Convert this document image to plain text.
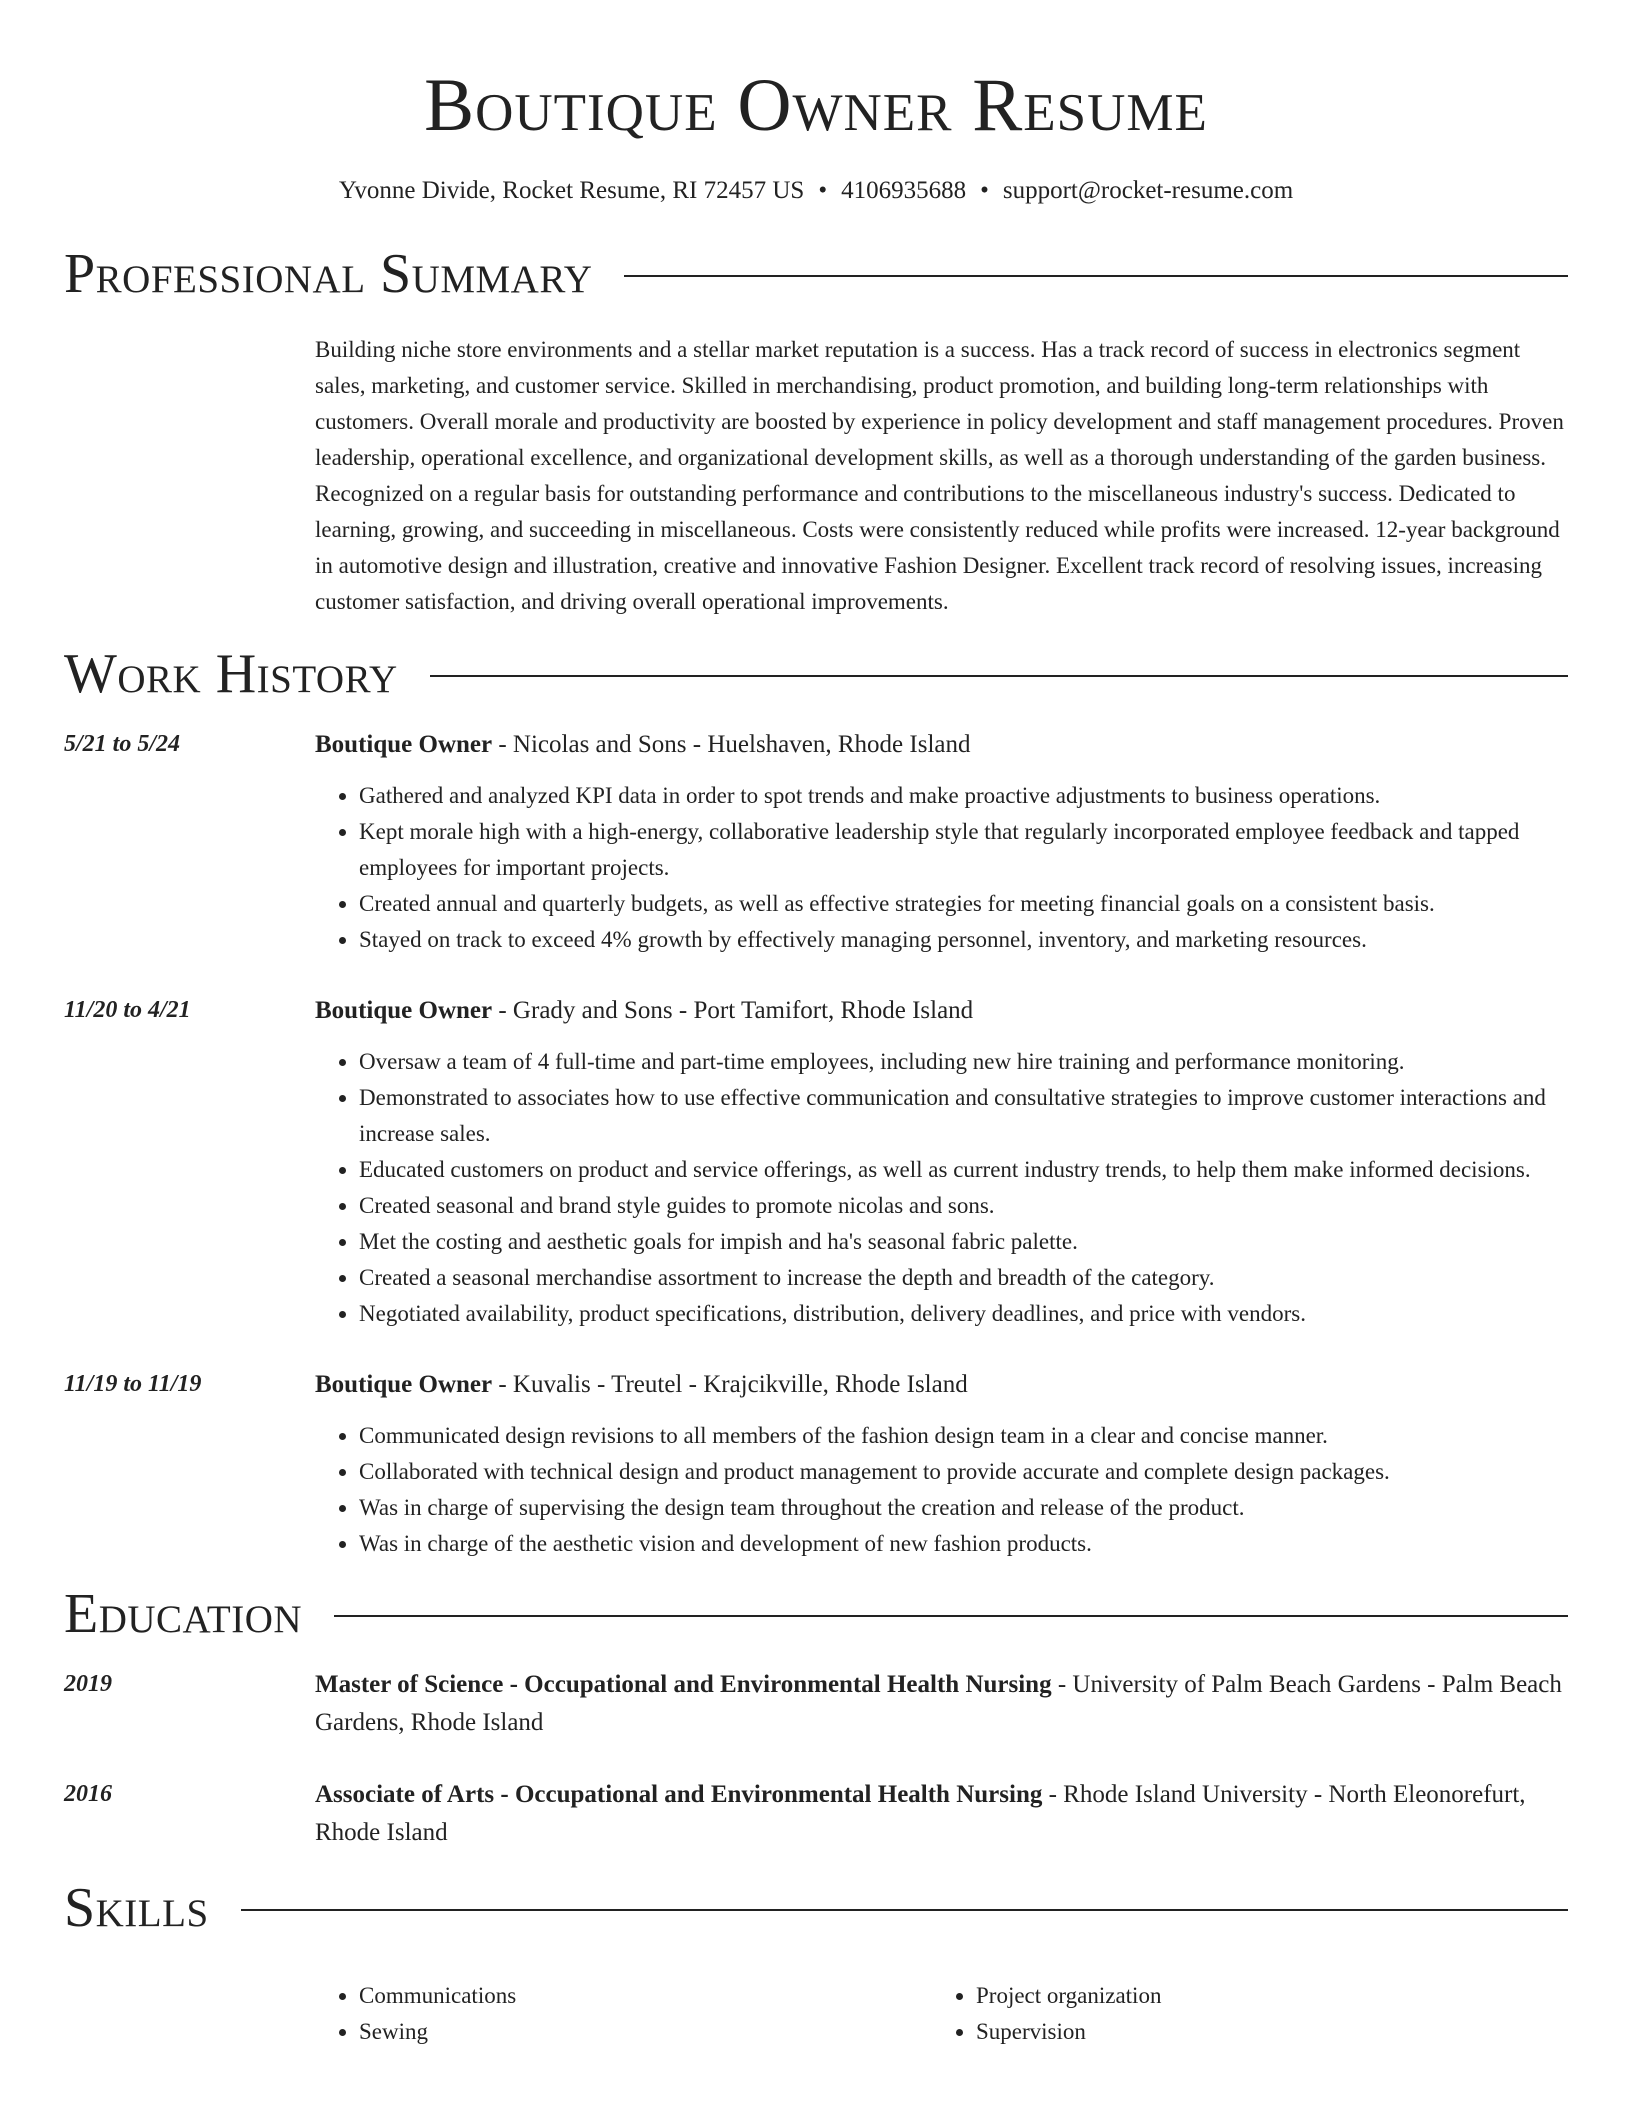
Boutique Owner Resume
Yvonne Divide, Rocket Resume, RI 72457 US • 4106935688 • support@rocket-resume.com
Professional Summary
Building niche store environments and a stellar market reputation is a success. Has a track record of success in electronics segment sales, marketing, and customer service. Skilled in merchandising, product promotion, and building long-term relationships with customers. Overall morale and productivity are boosted by experience in policy development and staff management procedures. Proven leadership, operational excellence, and organizational development skills, as well as a thorough understanding of the garden business. Recognized on a regular basis for outstanding performance and contributions to the miscellaneous industry's success. Dedicated to learning, growing, and succeeding in miscellaneous. Costs were consistently reduced while profits were increased. 12-year background in automotive design and illustration, creative and innovative Fashion Designer. Excellent track record of resolving issues, increasing customer satisfaction, and driving overall operational improvements.
Work History
5/21 to 5/24	Boutique Owner - Nicolas and Sons - Huelshaven, Rhode Island
• Gathered and analyzed KPI data in order to spot trends and make proactive adjustments to business operations.
• Kept morale high with a high-energy, collaborative leadership style that regularly incorporated employee feedback and tapped employees for important projects.
• Created annual and quarterly budgets, as well as effective strategies for meeting financial goals on a consistent basis.
• Stayed on track to exceed 4% growth by effectively managing personnel, inventory, and marketing resources.
11/20 to 4/21	Boutique Owner - Grady and Sons - Port Tamifort, Rhode Island
• Oversaw a team of 4 full-time and part-time employees, including new hire training and performance monitoring.
• Demonstrated to associates how to use effective communication and consultative strategies to improve customer interactions and increase sales.
• Educated customers on product and service offerings, as well as current industry trends, to help them make informed decisions.
• Created seasonal and brand style guides to promote nicolas and sons.
• Met the costing and aesthetic goals for impish and ha's seasonal fabric palette.
• Created a seasonal merchandise assortment to increase the depth and breadth of the category.
• Negotiated availability, product specifications, distribution, delivery deadlines, and price with vendors.
11/19 to 11/19	Boutique Owner - Kuvalis - Treutel - Krajcikville, Rhode Island
• Communicated design revisions to all members of the fashion design team in a clear and concise manner.
• Collaborated with technical design and product management to provide accurate and complete design packages.
• Was in charge of supervising the design team throughout the creation and release of the product.
• Was in charge of the aesthetic vision and development of new fashion products.
Education
2019	Master of Science - Occupational and Environmental Health Nursing - University of Palm Beach Gardens - Palm Beach Gardens, Rhode Island
2016	Associate of Arts - Occupational and Environmental Health Nursing - Rhode Island University - North Eleonorefurt, Rhode Island
Skills
• Communications
• Sewing
• Project organization
• Supervision
